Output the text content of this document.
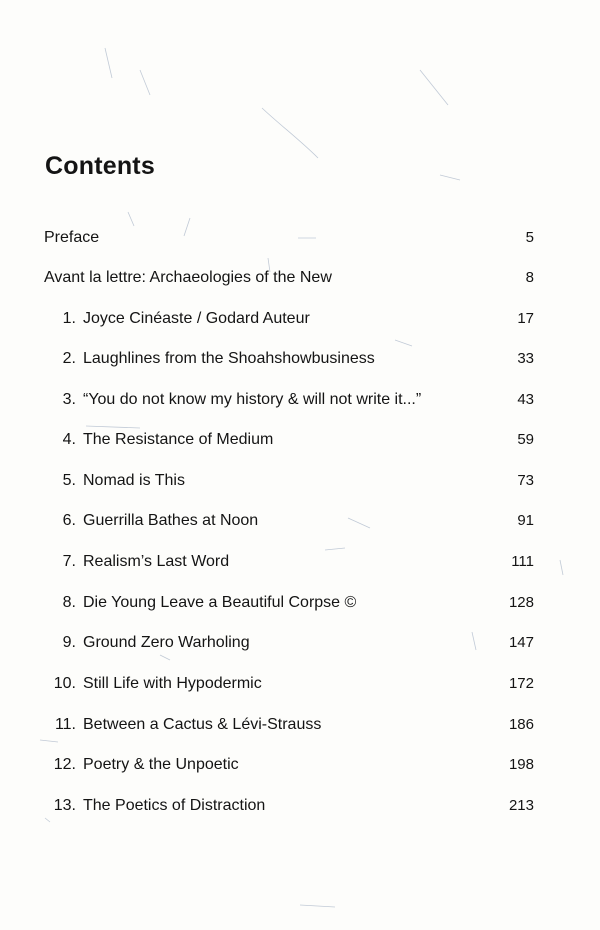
Contents
Preface	5
Avant la lettre: Archaeologies of the New	8
1. Joyce Cinéaste / Godard Auteur	17
2. Laughlines from the Shoahshowbusiness	33
3. “You do not know my history & will not write it...”	43
4. The Resistance of Medium	59
5. Nomad is This	73
6. Guerrilla Bathes at Noon	91
7. Realism’s Last Word	111
8. Die Young Leave a Beautiful Corpse ©	128
9. Ground Zero Warholing	147
10. Still Life with Hypodermic	172
11. Between a Cactus & Lévi-Strauss	186
12. Poetry & the Unpoetic	198
13. The Poetics of Distraction	213
